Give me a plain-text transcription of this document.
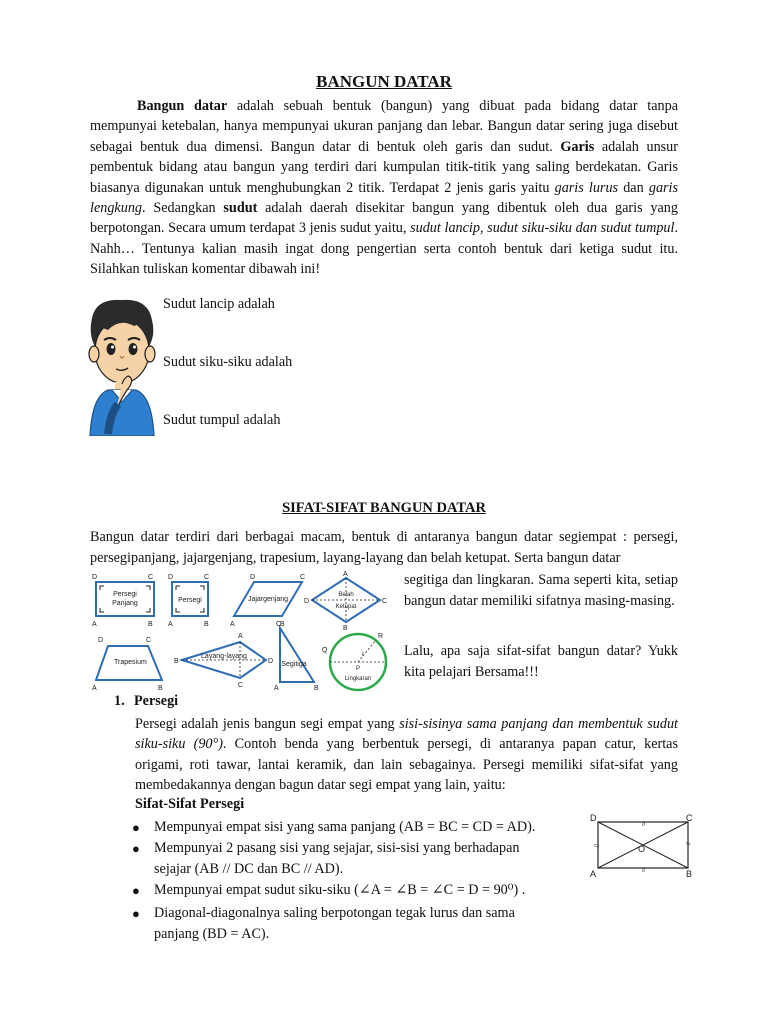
BANGUN DATAR
Bangun datar adalah sebuah bentuk (bangun) yang dibuat pada bidang datar tanpa mempunyai ketebalan, hanya mempunyai ukuran panjang dan lebar. Bangun datar sering juga disebut sebagai bentuk dua dimensi. Bangun datar di bentuk oleh garis dan sudut. Garis adalah unsur pembentuk bidang atau bangun yang terdiri dari kumpulan titik-titik yang saling berdekatan. Garis biasanya digunakan untuk menghubungkan 2 titik. Terdapat 2 jenis garis yaitu garis lurus dan garis lengkung. Sedangkan sudut adalah daerah disekitar bangun yang dibentuk oleh dua garis yang berpotongan. Secara umum terdapat 3 jenis sudut yaitu, sudut lancip, sudut siku-siku dan sudut tumpul. Nahh… Tentunya kalian masih ingat dong pengertian serta contoh bentuk dari ketiga sudut itu. Silahkan tuliskan komentar dibawah ini!
Sudut lancip adalah
Sudut siku-siku adalah
Sudut tumpul adalah
SIFAT-SIFAT BANGUN DATAR
Bangun datar terdiri dari berbagai macam, bentuk di antaranya bangun datar segiempat : persegi, persegipanjang, jajargenjang, trapesium, layang-layang dan belah ketupat. Serta bangun datar
Persegi
Panjang
D	C
A	B
Persegi
D	C
A	B
Jajargenjang
D	C
A	B
Belah
Ketupat
A
C
B
D
Trapesium
D	C
A	B
Layang-layang
B
A
D
C
Segitiga
C
A	B
Lingkaran
r
P
R
Q
segitiga dan lingkaran. Sama seperti kita, setiap bangun datar memiliki sifatnya masing-masing.
Lalu, apa saja sifat-sifat bangun datar? Yukk kita pelajari Bersama!!!
1. Persegi
Persegi adalah jenis bangun segi empat yang sisi-sisinya sama panjang dan membentuk sudut siku-siku (90°). Contoh benda yang berbentuk persegi, di antaranya papan catur, kertas origami, roti tawar, lantai keramik, dan lain sebagainya. Persegi memiliki sifat-sifat yang membedakannya dengan bagun datar segi empat yang lain, yaitu:
Sifat-Sifat Persegi
● Mempunyai empat sisi yang sama panjang (AB = BC = CD = AD).
● Mempunyai 2 pasang sisi yang sejajar, sisi-sisi yang berhadapan sejajar (AB // DC dan BC // AD).
● Mempunyai empat sudut siku-siku (∠A = ∠B = ∠C = D = 90⁰) .
● Diagonal-diagonalnya saling berpotongan tegak lurus dan sama panjang (BD = AC).
//
//
//
//
O
D	C
A	B
